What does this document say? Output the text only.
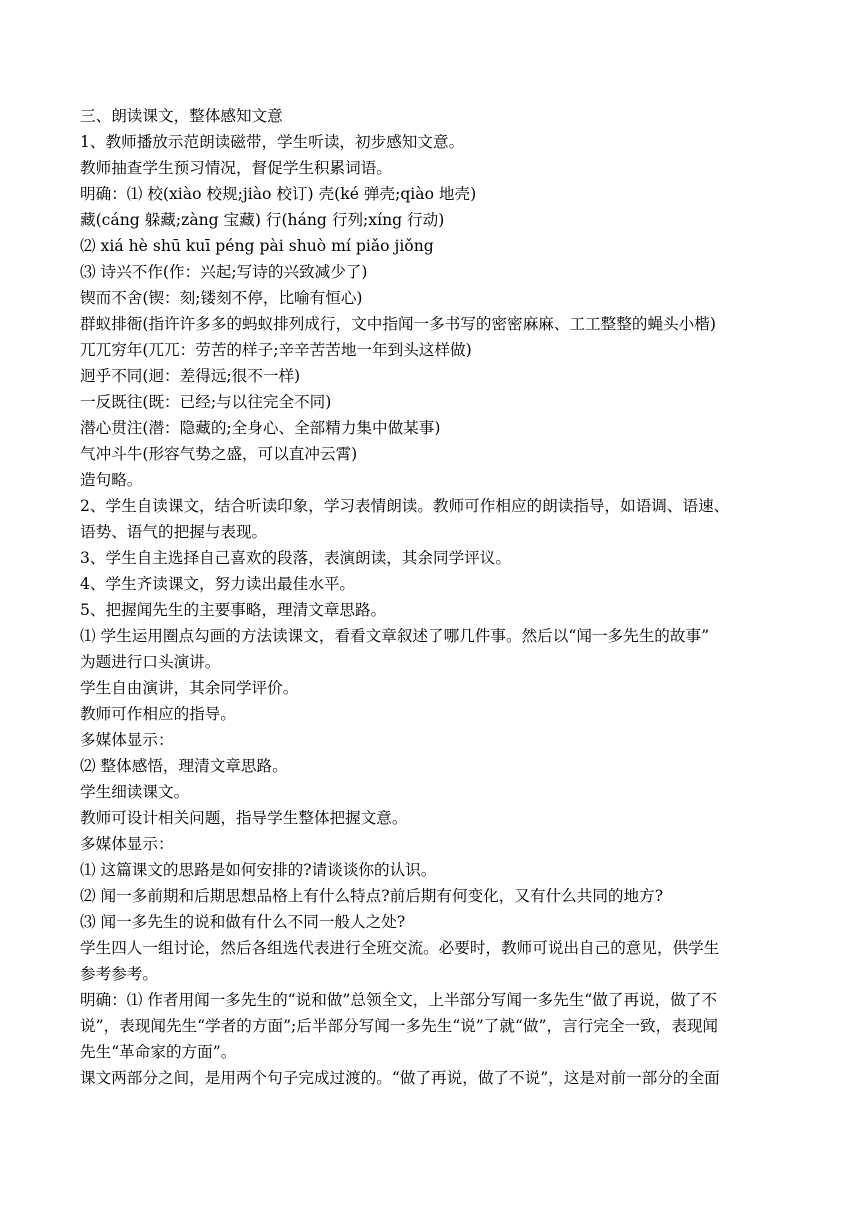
三、朗读课文，整体感知文意
1、教师播放示范朗读磁带，学生听读，初步感知文意。
教师抽查学生预习情况，督促学生积累词语。
明确：⑴ 校(xiào 校规;jiào 校订) 壳(ké 弹壳;qiào 地壳)
藏(cáng 躲藏;zàng 宝藏) 行(háng 行列;xíng 行动)
⑵ xiá hè shū kuī péng pài shuò mí piǎo jiǒng
⑶ 诗兴不作(作：兴起;写诗的兴致减少了)
锲而不舍(锲：刻;镂刻不停，比喻有恒心)
群蚁排衙(指许许多多的蚂蚁排列成行，文中指闻一多书写的密密麻麻、工工整整的蝇头小楷)
兀兀穷年(兀兀：劳苦的样子;辛辛苦苦地一年到头这样做)
迥乎不同(迥：差得远;很不一样)
一反既往(既：已经;与以往完全不同)
潜心贯注(潜：隐藏的;全身心、全部精力集中做某事)
气冲斗牛(形容气势之盛，可以直冲云霄)
造句略。
2、学生自读课文，结合听读印象，学习表情朗读。教师可作相应的朗读指导，如语调、语速、
语势、语气的把握与表现。
3、学生自主选择自己喜欢的段落，表演朗读，其余同学评议。
4、学生齐读课文，努力读出最佳水平。
5、把握闻先生的主要事略，理清文章思路。
⑴ 学生运用圈点勾画的方法读课文，看看文章叙述了哪几件事。然后以“闻一多先生的故事”
为题进行口头演讲。
学生自由演讲，其余同学评价。
教师可作相应的指导。
多媒体显示：
⑵ 整体感悟，理清文章思路。
学生细读课文。
教师可设计相关问题，指导学生整体把握文意。
多媒体显示：
⑴ 这篇课文的思路是如何安排的?请谈谈你的认识。
⑵ 闻一多前期和后期思想品格上有什么特点?前后期有何变化，又有什么共同的地方?
⑶ 闻一多先生的说和做有什么不同一般人之处?
学生四人一组讨论，然后各组选代表进行全班交流。必要时，教师可说出自己的意见，供学生
参考参考。
明确：⑴ 作者用闻一多先生的“说和做”总领全文，上半部分写闻一多先生“做了再说，做了不
说”，表现闻先生“学者的方面”;后半部分写闻一多先生“说”了就“做”，言行完全一致，表现闻
先生“革命家的方面”。
课文两部分之间，是用两个句子完成过渡的。“做了再说，做了不说”，这是对前一部分的全面
